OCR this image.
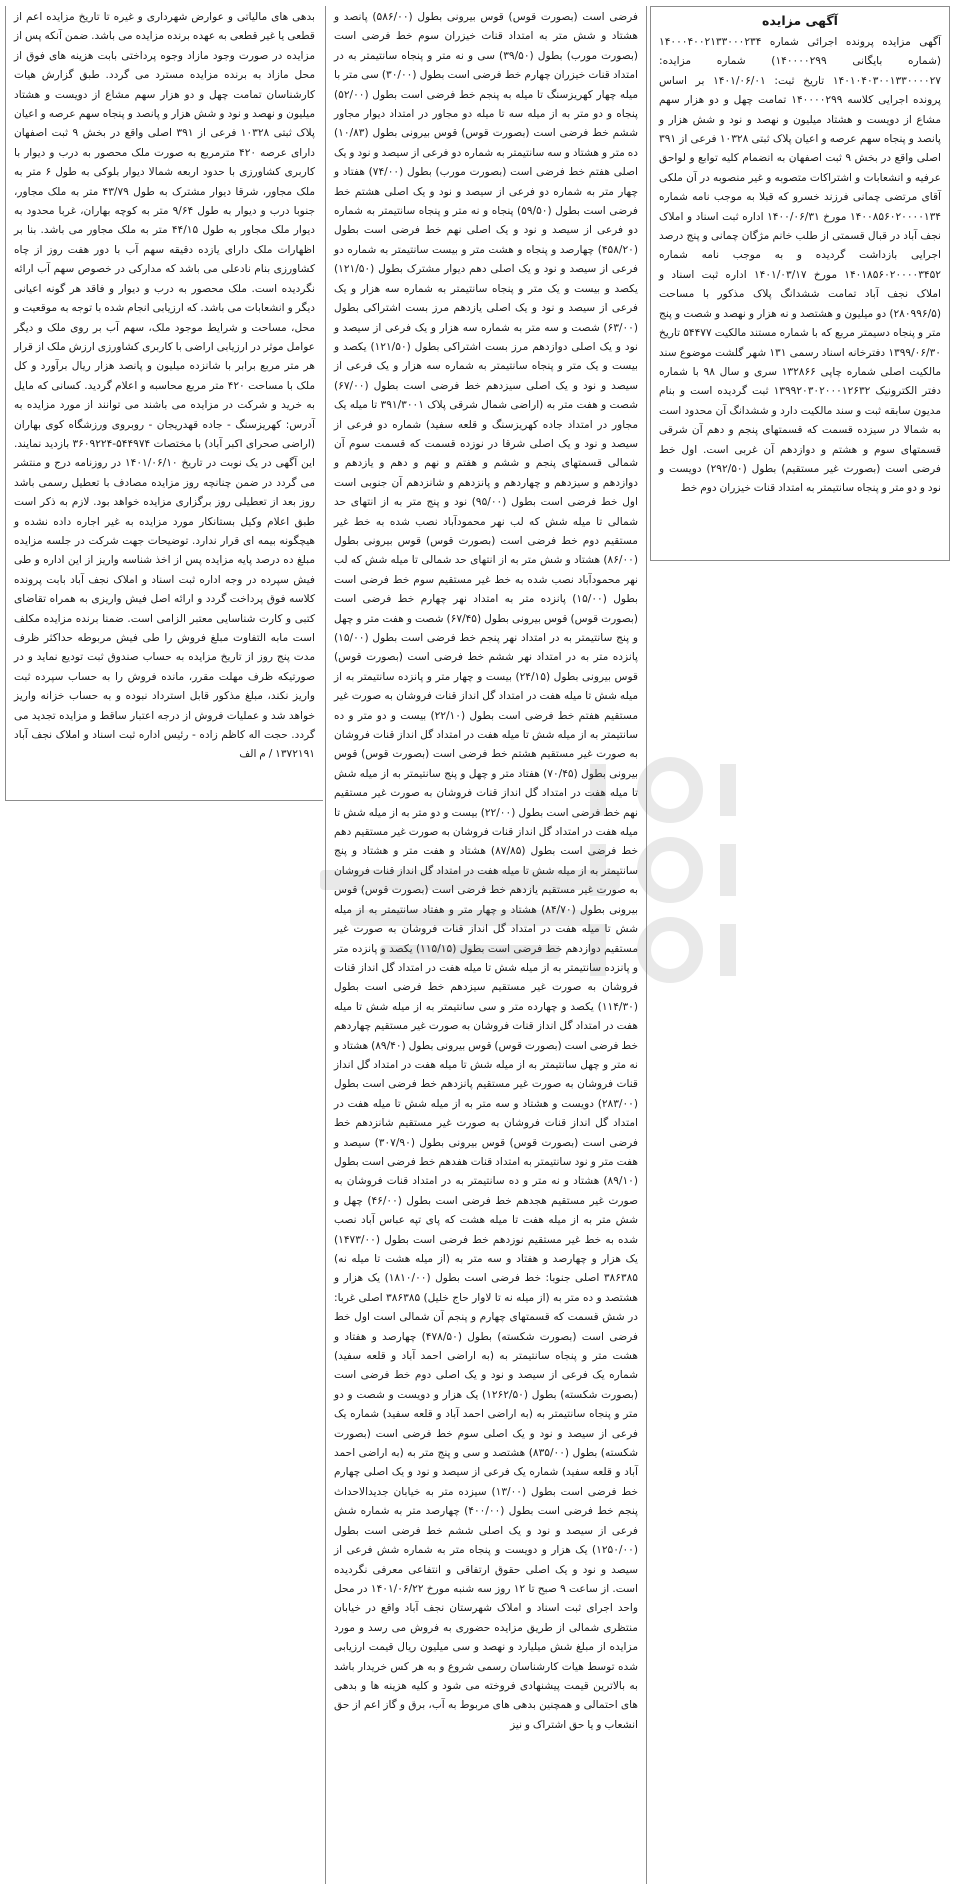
آگهی مزایده

آگهی مزایده پرونده اجرائی شماره ۱۴۰۰۰۴۰۰۲۱۳۳۰۰۰۲۳۴ (شماره بایگانی ۱۴۰۰۰۰۲۹۹) شماره مزایده: ۱۴۰۱۰۴۰۳۰۰۱۳۳۰۰۰۰۲۷ تاریخ ثبت: ۱۴۰۱/۰۶/۰۱ بر اساس پرونده اجرایی کلاسه ۱۴۰۰۰۰۲۹۹ تمامت چهل و دو هزار سهم مشاع از دویست و هشتاد میلیون و نهصد و نود و شش هزار و پانصد و پنجاه سهم عرصه و اعیان پلاک ثبتی ۱۰۳۲۸ فرعی از ۳۹۱ اصلی واقع در بخش ۹ ثبت اصفهان به انضمام کلیه توابع و لواحق عرفیه و انشعابات و اشتراکات متصوبه و غیر منصوبه در آن ملکی آقای مرتضی چمانی فرزند خسرو که قبلا به موجب نامه شماره ۱۴۰۰۸۵۶۰۲۰۰۰۰۱۳۴ مورخ ۱۴۰۰/۰۶/۳۱ اداره ثبت اسناد و املاک نجف آباد در قبال قسمتی از طلب خانم مژگان چمانی و پنج درصد اجرایی بازداشت گردیده و به موجب نامه شماره ۱۴۰۱۸۵۶۰۲۰۰۰۰۳۴۵۲ مورخ ۱۴۰۱/۰۳/۱۷ اداره ثبت اسناد و املاک نجف آباد تمامت ششدانگ پلاک مذکور با مساحت (۲۸۰۹۹۶/۵) دو میلیون و هشتصد و نه هزار و نهصد و شصت و پنج متر و پنجاه دسیمتر مربع که با شماره مستند مالکیت ۵۴۴۷۷ تاریخ ۱۳۹۹/۰۶/۳۰ دفترخانه اسناد رسمی ۱۳۱ شهر گلشت موضوع سند مالکیت اصلی شماره چاپی ۱۳۲۸۶۶ سری و سال ۹۸ با شماره دفتر الکترونیک ۱۳۹۹۲۰۳۰۲۰۰۰۱۲۶۳۲ ثبت گردیده است و بنام مدیون سابقه ثبت و سند مالکیت دارد و ششدانگ آن محدود است به شمالا در سیزده قسمت که قسمتهای پنجم و دهم آن شرقی قسمتهای سوم و هشتم و دوازدهم آن غربی است. اول خط فرضی است (بصورت غیر مستقیم) بطول (۲۹۲/۵۰) دویست و نود و دو متر و پنجاه سانتیمتر به امتداد قنات خیزران دوم خط

فرضی است (بصورت قوس) قوس بیرونی بطول (۵۸۶/۰۰) پانصد و هشتاد و شش متر به امتداد قنات خیزران سوم خط فرضی است (بصورت مورب) بطول (۳۹/۵۰) سی و نه متر و پنجاه سانتیمتر به در امتداد قنات خیزران چهارم خط فرضی است بطول (۳۰/۰۰) سی متر با میله چهار کهریزسنگ تا میله به پنجم خط فرضی است بطول (۵۲/۰۰) پنجاه و دو متر به از میله سه تا میله دو مجاور در امتداد دیوار مجاور ششم خط فرضی است (بصورت قوس) قوس بیرونی بطول (۱۰/۸۳) ده متر و هشتاد و سه سانتیمتر به شماره دو فرعی از سیصد و نود و یک اصلی هفتم خط فرضی است (بصورت مورب) بطول (۷۴/۰۰) هفتاد و چهار متر به شماره دو فرعی از سیصد و نود و یک اصلی هشتم خط فرضی است بطول (۵۹/۵۰) پنجاه و نه متر و پنجاه سانتیمتر به شماره دو فرعی از سیصد و نود و یک اصلی نهم خط فرضی است بطول (۴۵۸/۲۰) چهارصد و پنجاه و هشت متر و بیست سانتیمتر به شماره دو فرعی از سیصد و نود و یک اصلی دهم دیوار مشترک بطول (۱۲۱/۵۰) یکصد و بیست و یک متر و پنجاه سانتیمتر به شماره سه هزار و یک فرعی از سیصد و نود و یک اصلی یازدهم مرز بست اشتراکی بطول (۶۳/۰۰) شصت و سه متر به شماره سه هزار و یک فرعی از سیصد و نود و یک اصلی دوازدهم مرز بست اشتراکی بطول (۱۲۱/۵۰) یکصد و بیست و یک متر و پنجاه سانتیمتر به شماره سه هزار و یک فرعی از سیصد و نود و یک اصلی سیزدهم خط فرضی است بطول (۶۷/۰۰) شصت و هفت متر به (اراضی شمال شرقی پلاک ۳۹۱/۳۰۰۱ تا میله یک مجاور در امتداد جاده کهریزسنگ و قلعه سفید) شماره دو فرعی از سیصد و نود و یک اصلی شرقا در نوزده قسمت که قسمت سوم آن شمالی قسمتهای پنجم و ششم و هفتم و نهم و دهم و یازدهم و دوازدهم و سیزدهم و چهاردهم و پانزدهم و شانزدهم آن جنوبی است اول خط فرضی است بطول (۹۵/۰۰) نود و پنج متر به از انتهای حد شمالی تا میله شش که لب نهر محمودآباد نصب شده به خط غیر مستقیم دوم خط فرضی است (بصورت قوس) قوس بیرونی بطول (۸۶/۰۰) هشتاد و شش متر به از انتهای حد شمالی تا میله شش که لب نهر محمودآباد نصب شده به خط غیر مستقیم سوم خط فرضی است بطول (۱۵/۰۰) پانزده متر به امتداد نهر چهارم خط فرضی است (بصورت قوس) قوس بیرونی بطول (۶۷/۴۵) شصت و هفت متر و چهل و پنج سانتیمتر به در امتداد نهر پنجم خط فرضی است بطول (۱۵/۰۰) پانزده متر به در امتداد نهر ششم خط فرضی است (بصورت قوس) قوس بیرونی بطول (۲۴/۱۵) بیست و چهار متر و پانزده سانتیمتر به از میله شش تا میله هفت در امتداد گل انداز قنات فروشان به صورت غیر مستقیم هفتم خط فرضی است بطول (۲۲/۱۰) بیست و دو متر و ده سانتیمتر به از میله شش تا میله هفت در امتداد گل انداز قنات فروشان به صورت غیر مستقیم هشتم خط فرضی است (بصورت قوس) قوس بیرونی بطول (۷۰/۴۵) هفتاد متر و چهل و پنج سانتیمتر به از میله شش تا میله هفت در امتداد گل انداز قنات فروشان به صورت غیر مستقیم نهم خط فرضی است بطول (۲۲/۰۰) بیست و دو متر به از میله شش تا میله هفت در امتداد گل انداز قنات فروشان به صورت غیر مستقیم دهم خط فرضی است بطول (۸۷/۸۵) هشتاد و هفت متر و هشتاد و پنج سانتیمتر به از میله شش تا میله هفت در امتداد گل انداز قنات فروشان به صورت غیر مستقیم یازدهم خط فرضی است (بصورت قوس) قوس بیرونی بطول (۸۴/۷۰) هشتاد و چهار متر و هفتاد سانتیمتر به از میله شش تا میله هفت در امتداد گل انداز قنات فروشان به صورت غیر مستقیم دوازدهم خط فرضی است بطول (۱۱۵/۱۵) یکصد و پانزده متر و پانزده سانتیمتر به از میله شش تا میله هفت در امتداد گل انداز قنات فروشان به صورت غیر مستقیم سیزدهم خط فرضی است بطول (۱۱۴/۳۰) یکصد و چهارده متر و سی سانتیمتر به از میله شش تا میله هفت در امتداد گل انداز قنات فروشان به صورت غیر مستقیم چهاردهم خط فرضی است (بصورت قوس) قوس بیرونی بطول (۸۹/۴۰) هشتاد و نه متر و چهل سانتیمتر به از میله شش تا میله هفت در امتداد گل انداز قنات فروشان به صورت غیر مستقیم پانزدهم خط فرضی است بطول (۲۸۳/۰۰) دویست و هشتاد و سه متر به از میله شش تا میله هفت در امتداد گل انداز قنات فروشان به صورت غیر مستقیم شانزدهم خط فرضی است (بصورت قوس) قوس بیرونی بطول (۳۰۷/۹۰) سیصد و هفت متر و نود سانتیمتر به امتداد قنات هفدهم خط فرضی است بطول (۸۹/۱۰) هشتاد و نه متر و ده سانتیمتر به در امتداد قنات فروشان به صورت غیر مستقیم هجدهم خط فرضی است بطول (۴۶/۰۰) چهل و شش متر به از میله هفت تا میله هشت که پای تپه عباس آباد نصب شده به خط غیر مستقیم نوزدهم خط فرضی است بطول (۱۴۷۳/۰۰) یک هزار و چهارصد و هفتاد و سه متر به (از میله هشت تا میله نه) ۳۸۶۳۸۵ اصلی جنوبا: خط فرضی است بطول (۱۸۱۰/۰۰) یک هزار و هشتصد و ده متر به (از میله نه تا لاوار حاج خلیل) ۳۸۶۳۸۵ اصلی غربا: در شش قسمت که قسمتهای چهارم و پنجم آن شمالی است اول خط فرضی است (بصورت شکسته) بطول (۴۷۸/۵۰) چهارصد و هفتاد و هشت متر و پنجاه سانتیمتر به (به اراضی احمد آباد و قلعه سفید) شماره یک فرعی از سیصد و نود و یک اصلی دوم خط فرضی است (بصورت شکسته) بطول (۱۲۶۲/۵۰) یک هزار و دویست و شصت و دو متر و پنجاه سانتیمتر به (به اراضی احمد آباد و قلعه سفید) شماره یک فرعی از سیصد و نود و یک اصلی سوم خط فرضی است (بصورت شکسته) بطول (۸۳۵/۰۰) هشتصد و سی و پنج متر به (به اراضی احمد آباد و قلعه سفید) شماره یک فرعی از سیصد و نود و یک اصلی چهارم خط فرضی است بطول (۱۳/۰۰) سیزده متر به خیابان جدیدالاحداث پنجم خط فرضی است بطول (۴۰۰/۰۰) چهارصد متر به شماره شش فرعی از سیصد و نود و یک اصلی ششم خط فرضی است بطول (۱۲۵۰/۰۰) یک هزار و دویست و پنجاه متر به شماره شش فرعی از سیصد و نود و یک اصلی حقوق ارتفاقی و انتفاعی معرفی نگردیده است. از ساعت ۹ صبح تا ۱۲ روز سه شنبه مورخ ۱۴۰۱/۰۶/۲۲ در محل واحد اجرای ثبت اسناد و املاک شهرستان نجف آباد واقع در خیابان منتظری شمالی از طریق مزایده حضوری به فروش می رسد و مورد مزایده از مبلغ شش میلیارد و نهصد و سی میلیون ریال قیمت ارزیابی شده توسط هیات کارشناسان رسمی شروع و به هر کس خریدار باشد به بالاترین قیمت پیشنهادی فروخته می شود و کلیه هزینه ها و بدهی های احتمالی و همچنین بدهی های مربوط به آب، برق و گاز اعم از حق انشعاب و یا حق اشتراک و نیز

بدهی های مالیاتی و عوارض شهرداری و غیره تا تاریخ مزایده اعم از قطعی یا غیر قطعی به عهده برنده مزایده می باشد. ضمن آنکه پس از مزایده در صورت وجود مازاد وجوه پرداختی بابت هزینه های فوق از محل مازاد به برنده مزایده مسترد می گردد. طبق گزارش هیات کارشناسان تمامت چهل و دو هزار سهم مشاع از دویست و هشتاد میلیون و نهصد و نود و شش هزار و پانصد و پنجاه سهم عرصه و اعیان پلاک ثبتی ۱۰۳۲۸ فرعی از ۳۹۱ اصلی واقع در بخش ۹ ثبت اصفهان دارای عرصه ۴۲۰ مترمربع به صورت ملک محصور به درب و دیوار با کاربری کشاورزی با حدود اربعه شمالا دیوار بلوکی به طول ۶ متر به ملک مجاور، شرقا دیوار مشترک به طول ۴۳/۷۹ متر به ملک مجاور، جنوبا درب و دیوار به طول ۹/۶۴ متر به کوچه بهاران، غربا محدود به دیوار ملک مجاور به طول ۴۴/۱۵ متر به ملک مجاور می باشد. بنا بر اظهارات ملک دارای یازده دقیقه سهم آب با دور هفت روز از چاه کشاورزی بنام نادعلی می باشد که مدارکی در خصوص سهم آب ارائه نگردیده است. ملک محصور به درب و دیوار و فاقد هر گونه اعیانی دیگر و انشعابات می باشد. که ارزیابی انجام شده با توجه به موقعیت و محل، مساحت و شرایط موجود ملک، سهم آب بر روی ملک و دیگر عوامل موثر در ارزیابی اراضی با کاربری کشاورزی ارزش ملک از قرار هر متر مربع برابر با شانزده میلیون و پانصد هزار ریال برآورد و کل ملک با مساحت ۴۲۰ متر مربع محاسبه و اعلام گردید. کسانی که مایل به خرید و شرکت در مزایده می باشند می توانند از مورد مزایده به آدرس: کهریزسنگ - جاده قهدریجان - روبروی ورزشگاه کوی بهاران (اراضی صحرای اکبر آباد) با مختصات ۵۴۴۹۷۴-۳۶۰۹۲۲۴ بازدید نمایند. این آگهی در یک نوبت در تاریخ ۱۴۰۱/۰۶/۱۰ در روزنامه درج و منتشر می گردد در ضمن چنانچه روز مزایده مصادف با تعطیل رسمی باشد روز بعد از تعطیلی روز برگزاری مزایده خواهد بود. لازم به ذکر است طبق اعلام وکیل بستانکار مورد مزایده به غیر اجاره داده نشده و هیچگونه بیمه ای قرار ندارد. توضیحات جهت شرکت در جلسه مزایده مبلغ ده درصد پایه مزایده پس از اخذ شناسه واریز از این اداره و طی فیش سپرده در وجه اداره ثبت اسناد و املاک نجف آباد بابت پرونده کلاسه فوق پرداخت گردد و ارائه اصل فیش واریزی به همراه تقاضای کتبی و کارت شناسایی معتبر الزامی است. ضمنا برنده مزایده مکلف است مابه التفاوت مبلغ فروش را طی فیش مربوطه حداکثر ظرف مدت پنج روز از تاریخ مزایده به حساب صندوق ثبت تودیع نماید و در صورتیکه ظرف مهلت مقرر، مانده فروش را به حساب سپرده ثبت واریز نکند، مبلغ مذکور قابل استرداد نبوده و به حساب خزانه واریز خواهد شد و عملیات فروش از درجه اعتبار ساقط و مزایده تجدید می گردد. حجت اله کاظم زاده - رئیس اداره ثبت اسناد و املاک نجف آباد ۱۳۷۲۱۹۱ / م الف
